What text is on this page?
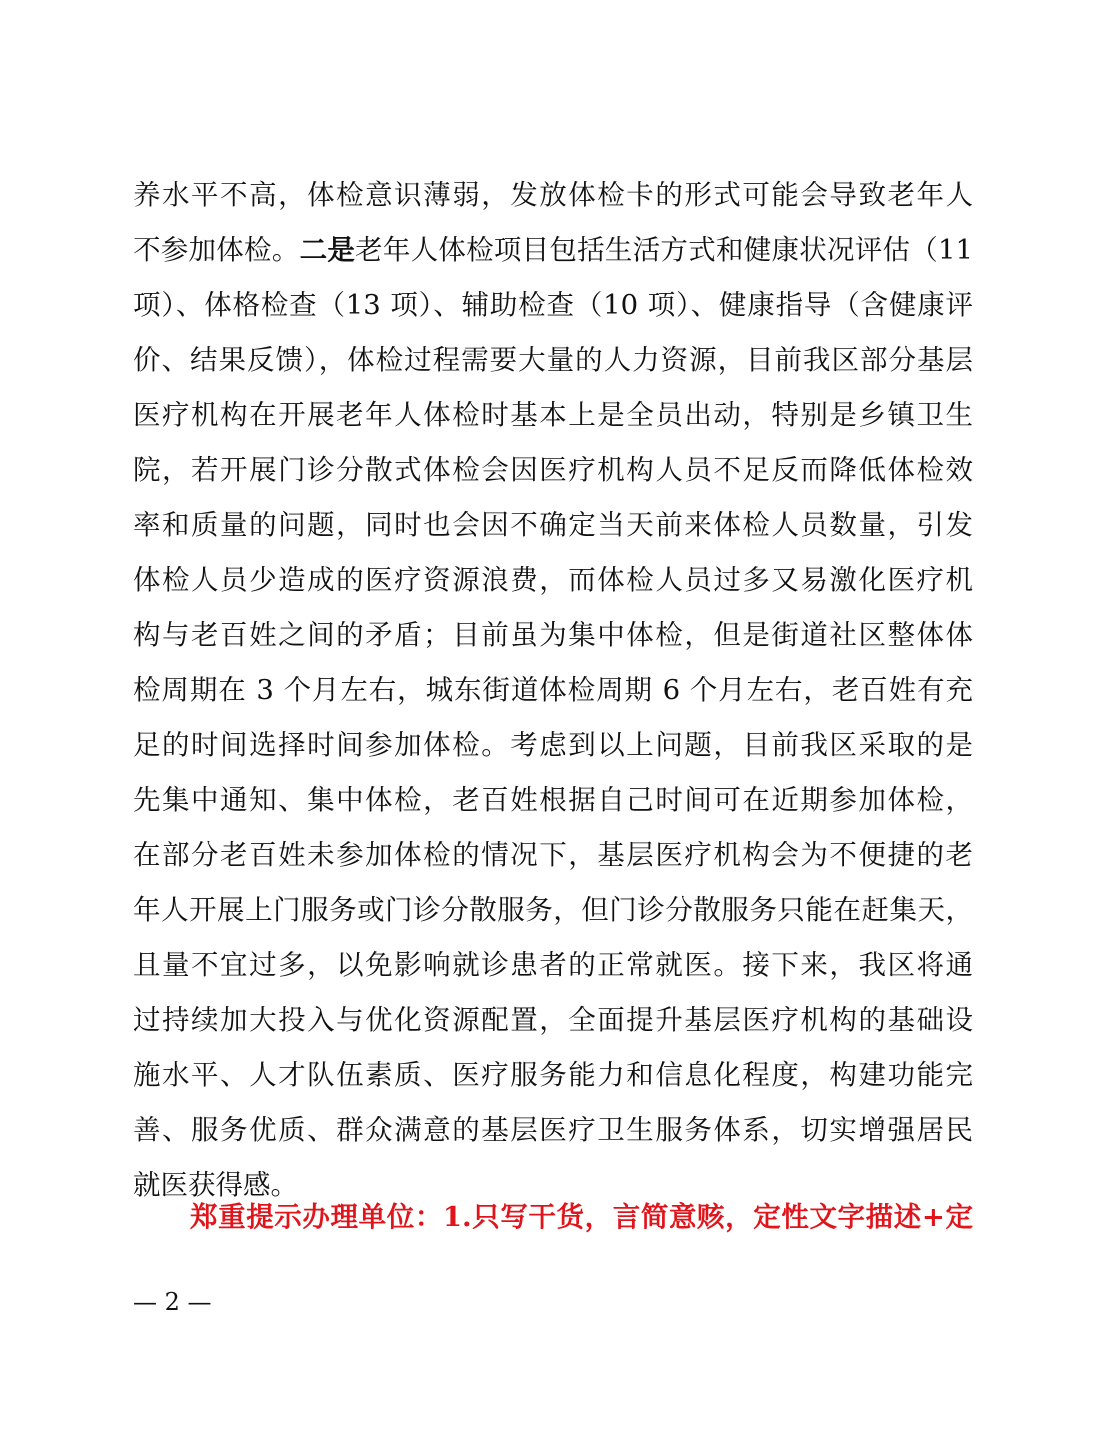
养水平不高，体检意识薄弱，发放体检卡的形式可能会导致老年人
不参加体检。二是老年人体检项目包括生活方式和健康状况评估（11
项）、体格检查（13 项）、辅助检查（10 项）、健康指导（含健康评
价、结果反馈），体检过程需要大量的人力资源，目前我区部分基层
医疗机构在开展老年人体检时基本上是全员出动，特别是乡镇卫生
院，若开展门诊分散式体检会因医疗机构人员不足反而降低体检效
率和质量的问题，同时也会因不确定当天前来体检人员数量，引发
体检人员少造成的医疗资源浪费，而体检人员过多又易激化医疗机
构与老百姓之间的矛盾；目前虽为集中体检，但是街道社区整体体
检周期在 3 个月左右，城东街道体检周期 6 个月左右，老百姓有充
足的时间选择时间参加体检。考虑到以上问题，目前我区采取的是
先集中通知、集中体检，老百姓根据自己时间可在近期参加体检，
在部分老百姓未参加体检的情况下，基层医疗机构会为不便捷的老
年人开展上门服务或门诊分散服务，但门诊分散服务只能在赶集天，
且量不宜过多，以免影响就诊患者的正常就医。接下来，我区将通
过持续加大投入与优化资源配置，全面提升基层医疗机构的基础设
施水平、人才队伍素质、医疗服务能力和信息化程度，构建功能完
善、服务优质、群众满意的基层医疗卫生服务体系，切实增强居民
就医获得感。
郑重提示办理单位：1.只写干货，言简意赅，定性文字描述+定
— 2 —
